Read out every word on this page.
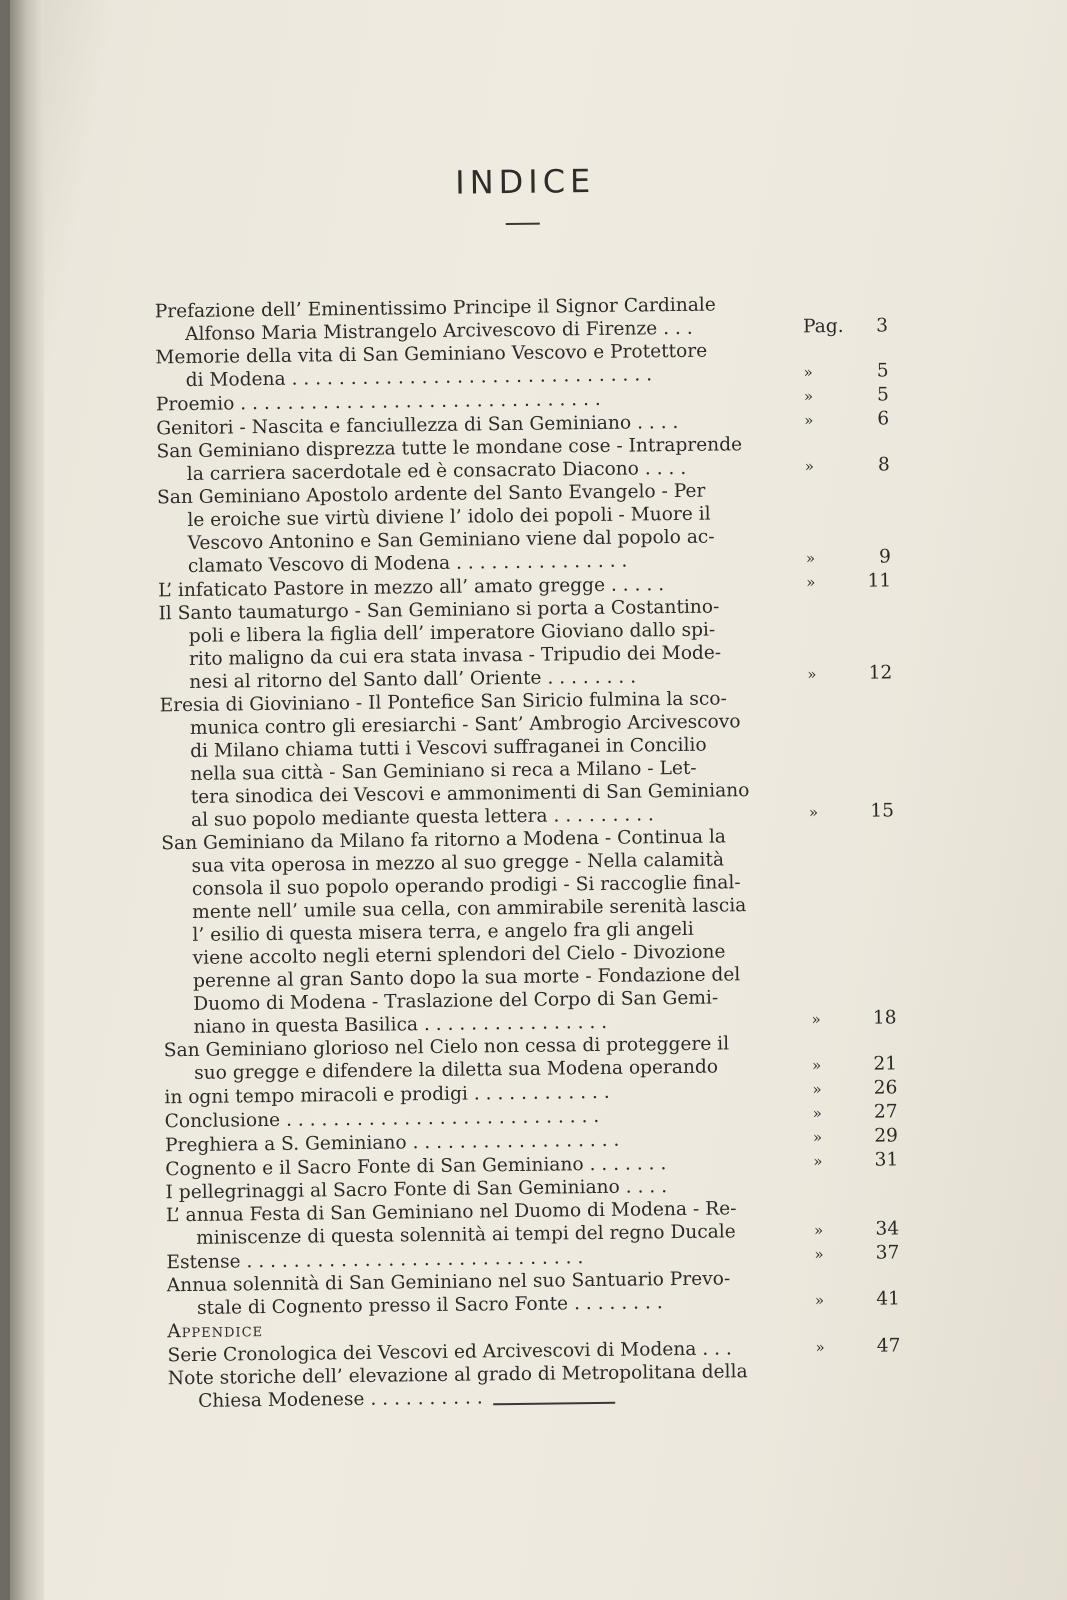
INDICE
Prefazione dell’ Eminentissimo Principe il Signor Cardinale
Alfonso Maria Mistrangelo Arcivescovo di Firenze . . .	Pag. 3
Memorie della vita di San Geminiano Vescovo e Protettore
di Modena . . . . . . . . . . . . . . . . . . . . . . . . . . . . . . .	»	5
Proemio . . . . . . . . . . . . . . . . . . . . . . . . . . . . . . .	»	5
Genitori - Nascita e fanciullezza di San Geminiano . . . .	»	6
San Geminiano disprezza tutte le mondane cose - Intraprende
la carriera sacerdotale ed è consacrato Diacono . . . .	»	8
San Geminiano Apostolo ardente del Santo Evangelo - Per
le eroiche sue virtù diviene l’ idolo dei popoli - Muore il
Vescovo Antonino e San Geminiano viene dal popolo ac-
clamato Vescovo di Modena . . . . . . . . . . . . . . .	»	9
L’ infaticato Pastore in mezzo all’ amato gregge . . . . .	»	11
Il Santo taumaturgo - San Geminiano si porta a Costantino-
poli e libera la figlia dell’ imperatore Gioviano dallo spi-
rito maligno da cui era stata invasa - Tripudio dei Mode-
nesi al ritorno del Santo dall’ Oriente . . . . . . . .	»	12
Eresia di Gioviniano - Il Pontefice San Siricio fulmina la sco-
munica contro gli eresiarchi - Sant’ Ambrogio Arcivescovo
di Milano chiama tutti i Vescovi suffraganei in Concilio
nella sua città - San Geminiano si reca a Milano - Let-
tera sinodica dei Vescovi e ammonimenti di San Geminiano
al suo popolo mediante questa lettera . . . . . . . . .	»	15
San Geminiano da Milano fa ritorno a Modena - Continua la
sua vita operosa in mezzo al suo gregge - Nella calamità
consola il suo popolo operando prodigi - Si raccoglie final-
mente nell’ umile sua cella, con ammirabile serenità lascia
l’ esilio di questa misera terra, e angelo fra gli angeli
viene accolto negli eterni splendori del Cielo - Divozione
perenne al gran Santo dopo la sua morte - Fondazione del
Duomo di Modena - Traslazione del Corpo di San Gemi-
niano in questa Basilica . . . . . . . . . . . . . . . .	»	18
San Geminiano glorioso nel Cielo non cessa di proteggere il
suo gregge e difendere la diletta sua Modena operando	»	21
in ogni tempo miracoli e prodigi . . . . . . . . . . . .	»	26
Conclusione . . . . . . . . . . . . . . . . . . . . . . . . . . .	»	27
Preghiera a S. Geminiano . . . . . . . . . . . . . . . . . .	»	29
Cognento e il Sacro Fonte di San Geminiano . . . . . . .	»	31
I pellegrinaggi al Sacro Fonte di San Geminiano . . . .
L’ annua Festa di San Geminiano nel Duomo di Modena - Re-
miniscenze di questa solennità ai tempi del regno Ducale	»	34
Estense . . . . . . . . . . . . . . . . . . . . . . . . . . . . .	»	37
Annua solennità di San Geminiano nel suo Santuario Prevo-
stale di Cognento presso il Sacro Fonte . . . . . . . .	»	41
Appendice
Serie Cronologica dei Vescovi ed Arcivescovi di Modena . . .	»	47
Note storiche dell’ elevazione al grado di Metropolitana della
Chiesa Modenese . . . . . . . . . .
